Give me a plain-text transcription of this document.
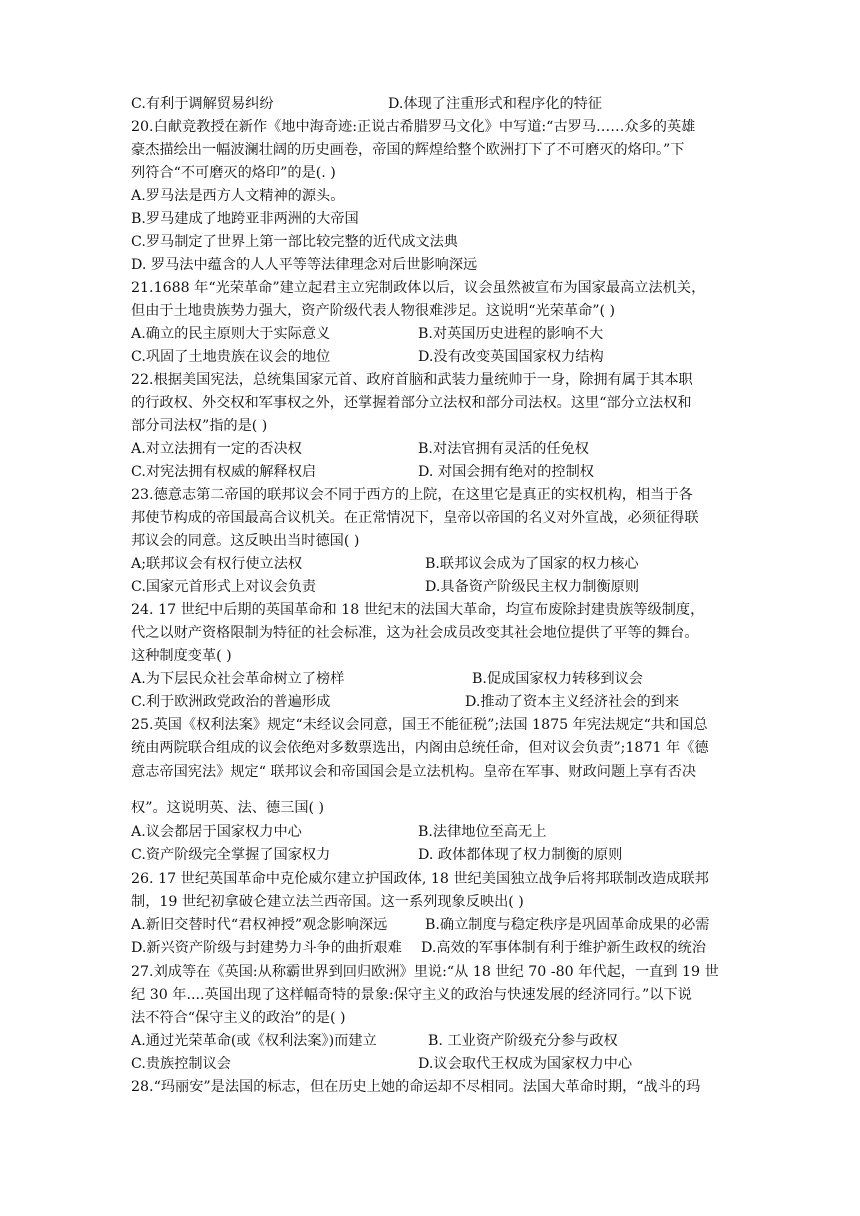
C.有利于调解贸易纠纷	D.体现了注重形式和程序化的特征
20.白献竞教授在新作《地中海奇迹:正说古希腊罗马文化》中写道:“古罗马……众多的英雄
豪杰描绘出一幅波澜壮阔的历史画卷，帝国的辉煌给整个欧洲打下了不可磨灭的烙印。”下
列符合“不可磨灭的烙印”的是(. )
A.罗马法是西方人文精神的源头。
B.罗马建成了地跨亚非两洲的大帝国
C.罗马制定了世界上第一部比较完整的近代成文法典
D. 罗马法中蕴含的人人平等等法律理念对后世影响深远
21.1688 年“光荣革命”建立起君主立宪制政体以后，议会虽然被宣布为国家最高立法机关，
但由于土地贵族势力强大，资产阶级代表人物很难涉足。这说明“光荣革命”( )
A.确立的民主原则大于实际意义	B.对英国历史进程的影响不大
C.巩固了土地贵族在议会的地位	D.没有改变英国国家权力结构
22.根据美国宪法，总统集国家元首、政府首脑和武装力量统帅于一身，除拥有属于其本职
的行政权、外交权和军事权之外，还掌握着部分立法权和部分司法权。这里“部分立法权和
部分司法权”指的是( )
A.对立法拥有一定的否决权	B.对法官拥有灵活的任免权
C.对宪法拥有权威的解释权启	D. 对国会拥有绝对的控制权
23.德意志第二帝国的联邦议会不同于西方的上院，在这里它是真正的实权机构，相当于各
邦使节构成的帝国最高合议机关。在正常情况下，皇帝以帝国的名义对外宣战，必须征得联
邦议会的同意。这反映出当时德国( )
A;联邦议会有权行使立法权	B.联邦议会成为了国家的权力核心
C.国家元首形式上对议会负责	D.具备资产阶级民主权力制衡原则
24. 17 世纪中后期的英国革命和 18 世纪末的法国大革命，均宣布废除封建贵族等级制度，
代之以财产资格限制为特征的社会标准，这为社会成员改变其社会地位提供了平等的舞台。
这种制度变革( )
A.为下层民众社会革命树立了榜样	B.促成国家权力转移到议会
C.利于欧洲政党政治的普遍形成	D.推动了资本主义经济社会的到来
25.英国《权利法案》规定“未经议会同意，国王不能征税”;法国 1875 年宪法规定“共和国总
统由两院联合组成的议会依绝对多数票选出，内阁由总统任命，但对议会负责”;1871 年《德
意志帝国宪法》规定“ 联邦议会和帝国国会是立法机构。皇帝在军事、财政问题上享有否决
权”。这说明英、法、德三国( )
A.议会都居于国家权力中心	B.法律地位至高无上
C.资产阶级完全掌握了国家权力	D. 政体都体现了权力制衡的原则
26. 17 世纪英国革命中克伦威尔建立护国政体, 18 世纪美国独立战争后将邦联制改造成联邦
制，19 世纪初拿破仑建立法兰西帝国。这一系列现象反映出( )
A.新旧交替时代“君权神授”观念影响深远	B.确立制度与稳定秩序是巩固革命成果的必需
D.新兴资产阶级与封建势力斗争的曲折艰难 D.高效的军事体制有利于维护新生政权的统治
27.刘成等在《英国:从称霸世界到回归欧洲》里说:“从 18 世纪 70 -80 年代起，一直到 19 世
纪 30 年....英国出现了这样幅奇特的景象:保守主义的政治与快速发展的经济同行。”以下说
法不符合“保守主义的政治”的是( )
A.通过光荣革命(或《权利法案》)而建立	B. 工业资产阶级充分参与政权
C.贵族控制议会	D.议会取代王权成为国家权力中心
28.“玛丽安”是法国的标志，但在历史上她的命运却不尽相同。法国大革命时期，“战斗的玛
